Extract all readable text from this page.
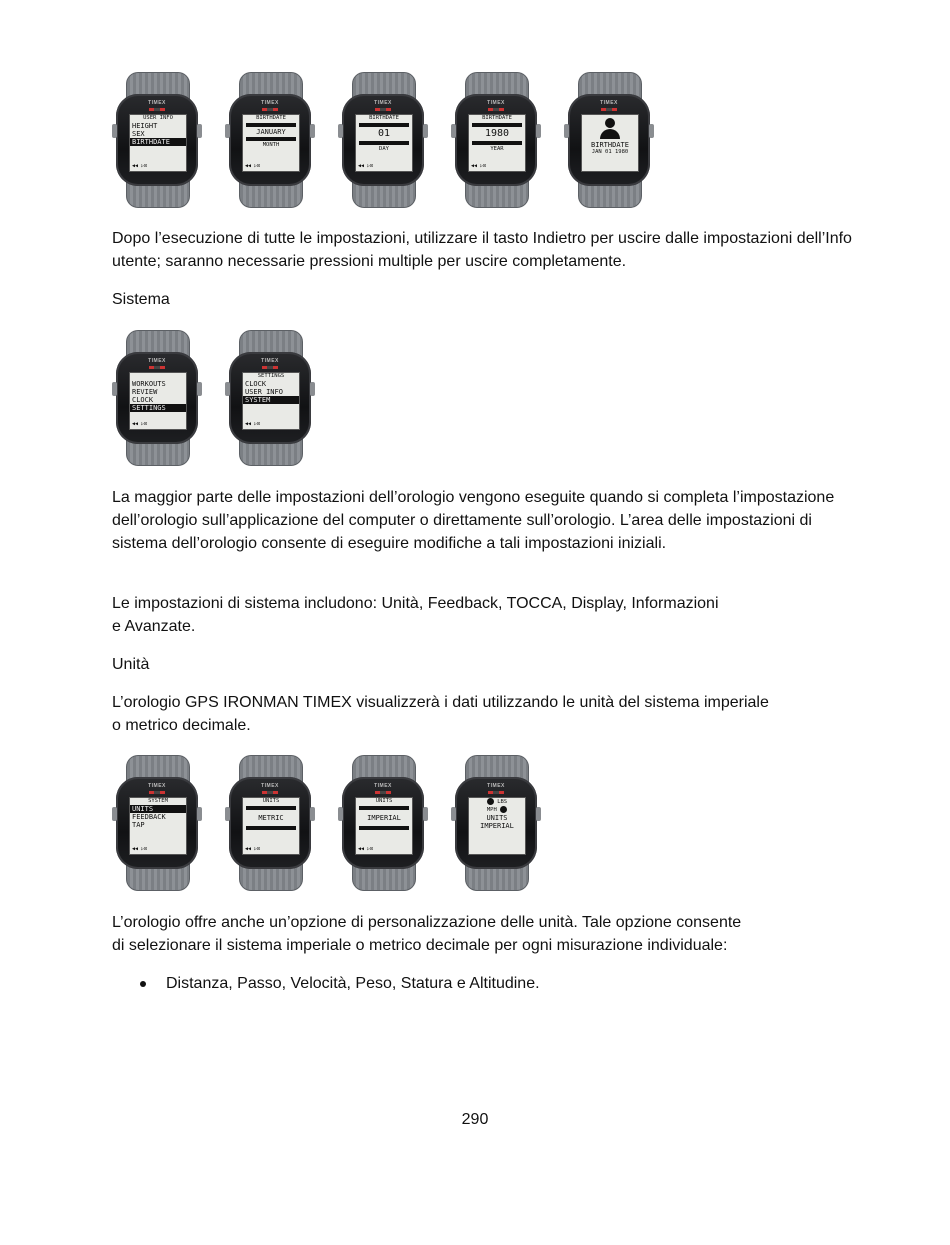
TIMEX
USER INFO
HEIGHT
SEX
BIRTHDATE
◀◀ ▷⊡
TIMEX
BIRTHDATE
JANUARY
MONTH
◀◀ ▷⊡
TIMEX
BIRTHDATE
01
DAY
◀◀ ▷⊡
TIMEX
BIRTHDATE
1980
YEAR
◀◀ ▷⊡
TIMEX
BIRTHDATE
JAN 01 1980

Dopo l’esecuzione di tutte le impostazioni, utilizzare il tasto Indietro per uscire dalle impostazioni dell’Info utente; saranno necessarie pressioni multiple per uscire completamente.

Sistema

TIMEX

WORKOUTS
REVIEW
CLOCK
SETTINGS
◀◀ ▷⊡
TIMEX
SETTINGS
CLOCK
USER INFO
SYSTEM
◀◀ ▷⊡

La maggior parte delle impostazioni dell’orologio vengono eseguite quando si completa l’impostazione dell’orologio sull’applicazione del computer o direttamente sull’orologio. L’area delle impostazioni di sistema dell’orologio consente di eseguire modifiche a tali impostazioni iniziali.

Le impostazioni di sistema includono: Unità, Feedback, TOCCA, Display, Informazioni

e Avanzate.

Unità

L’orologio GPS IRONMAN TIMEX visualizzerà i dati utilizzando le unità del sistema imperiale

o metrico decimale.

TIMEX
SYSTEM
UNITS
FEEDBACK
TAP
◀◀ ▷⊡
TIMEX
UNITS
METRIC
◀◀ ▷⊡
TIMEX
UNITS
IMPERIAL
◀◀ ▷⊡
TIMEX
LBS
MPH
UNITS
IMPERIAL

L’orologio offre anche un’opzione di personalizzazione delle unità. Tale opzione consente

di selezionare il sistema imperiale o metrico decimale per ogni misurazione individuale:

Distanza, Passo, Velocità, Peso, Statura e Altitudine.
290
